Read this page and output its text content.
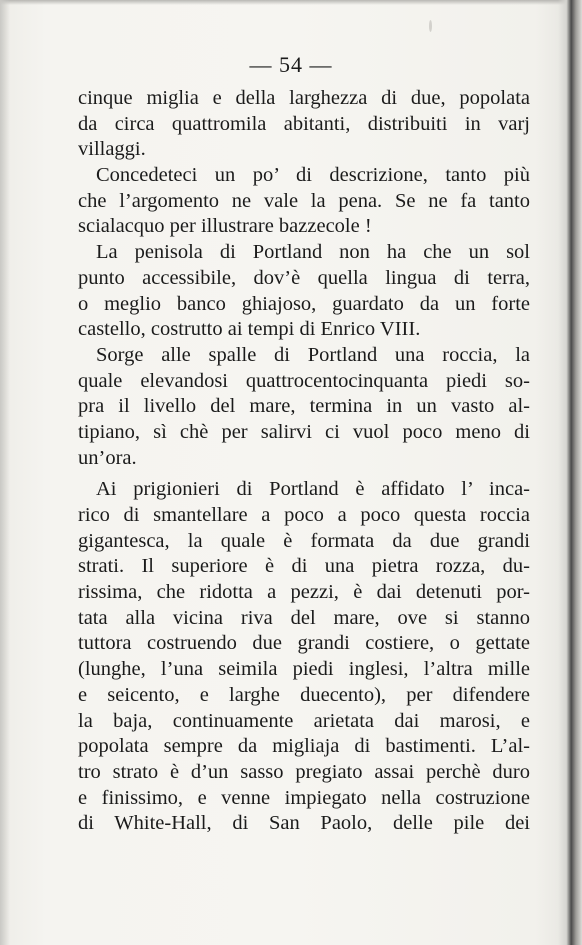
— 54 —
cinque miglia e della larghezza di due, popolata
da circa quattromila abitanti, distribuiti in varj
villaggi.
Concedeteci un po’ di descrizione, tanto più
che l’argomento ne vale la pena. Se ne fa tanto
scialacquo per illustrare bazzecole !
La penisola di Portland non ha che un sol
punto accessibile, dov’è quella lingua di terra,
o meglio banco ghiajoso, guardato da un forte
castello, costrutto ai tempi di Enrico VIII.
Sorge alle spalle di Portland una roccia, la
quale elevandosi quattrocentocinquanta piedi so-
pra il livello del mare, termina in un vasto al-
tipiano, sì chè per salirvi ci vuol poco meno di
un’ora.
Ai prigionieri di Portland è affidato l’ inca-
rico di smantellare a poco a poco questa roccia
gigantesca, la quale è formata da due grandi
strati. Il superiore è di una pietra rozza, du-
rissima, che ridotta a pezzi, è dai detenuti por-
tata alla vicina riva del mare, ove si stanno
tuttora costruendo due grandi costiere, o gettate
(lunghe, l’una seimila piedi inglesi, l’altra mille
e seicento, e larghe duecento), per difendere
la baja, continuamente arietata dai marosi, e
popolata sempre da migliaja di bastimenti. L’al-
tro strato è d’un sasso pregiato assai perchè duro
e finissimo, e venne impiegato nella costruzione
di White-Hall, di San Paolo, delle pile dei
